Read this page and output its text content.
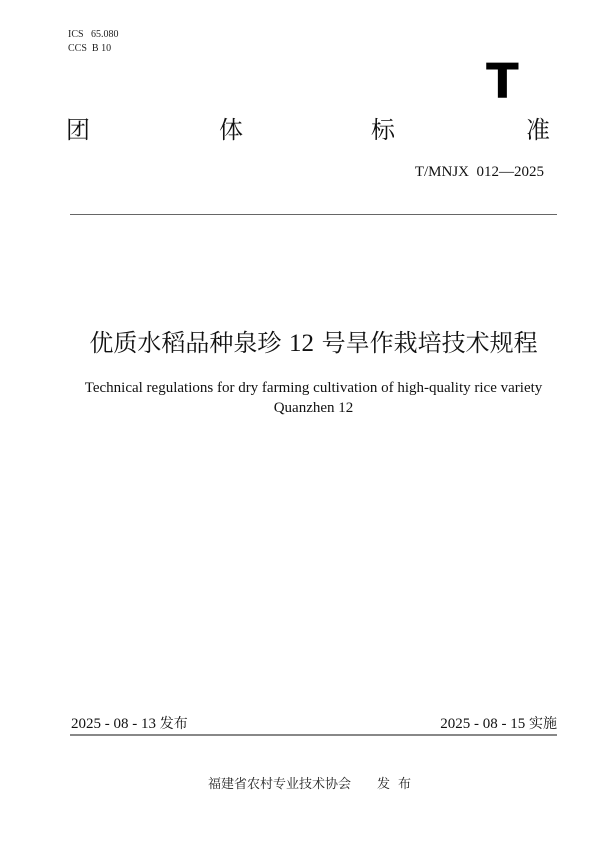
ICS   65.080
CCS  B 10
T
团	体	标	准
T/MNJX  012—2025
优质水稻品种泉珍 12 号旱作栽培技术规程
Technical regulations for dry farming cultivation of high-quality rice variety
Quanzhen 12
2025 - 08 - 13 发布	2025 - 08 - 15 实施
福建省农村专业技术协会 发布
